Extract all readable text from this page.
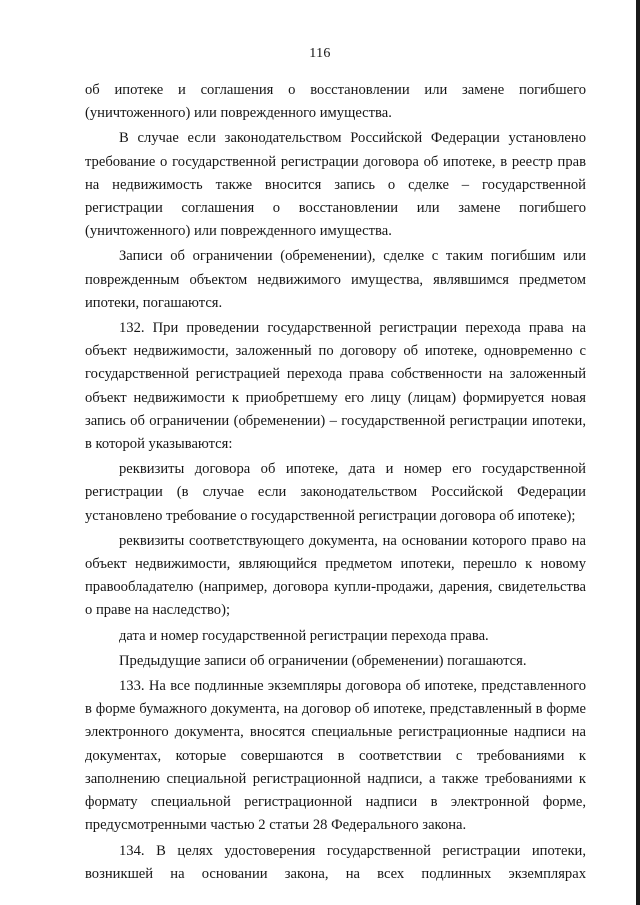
116

об ипотеке и соглашения о восстановлении или замене погибшего (уничтоженного) или поврежденного имущества.

В случае если законодательством Российской Федерации установлено требование о государственной регистрации договора об ипотеке, в реестр прав на недвижимость также вносится запись о сделке – государственной регистрации соглашения о восстановлении или замене погибшего (уничтоженного) или поврежденного имущества.

Записи об ограничении (обременении), сделке с таким погибшим или поврежденным объектом недвижимого имущества, являвшимся предметом ипотеки, погашаются.

132. При проведении государственной регистрации перехода права на объект недвижимости, заложенный по договору об ипотеке, одновременно с государственной регистрацией перехода права собственности на заложенный объект недвижимости к приобретшему его лицу (лицам) формируется новая запись об ограничении (обременении) – государственной регистрации ипотеки, в которой указываются:

реквизиты договора об ипотеке, дата и номер его государственной регистрации (в случае если законодательством Российской Федерации установлено требование о государственной регистрации договора об ипотеке);

реквизиты соответствующего документа, на основании которого право на объект недвижимости, являющийся предметом ипотеки, перешло к новому правообладателю (например, договора купли-продажи, дарения, свидетельства о праве на наследство);

дата и номер государственной регистрации перехода права.

Предыдущие записи об ограничении (обременении) погашаются.

133. На все подлинные экземпляры договора об ипотеке, представленного в форме бумажного документа, на договор об ипотеке, представленный в форме электронного документа, вносятся специальные регистрационные надписи на документах, которые совершаются в соответствии с требованиями к заполнению специальной регистрационной надписи, а также требованиями к формату специальной регистрационной надписи в электронной форме, предусмотренными частью 2 статьи 28 Федерального закона.

134. В целях удостоверения государственной регистрации ипотеки, возникшей на основании закона, на всех подлинных экземплярах
